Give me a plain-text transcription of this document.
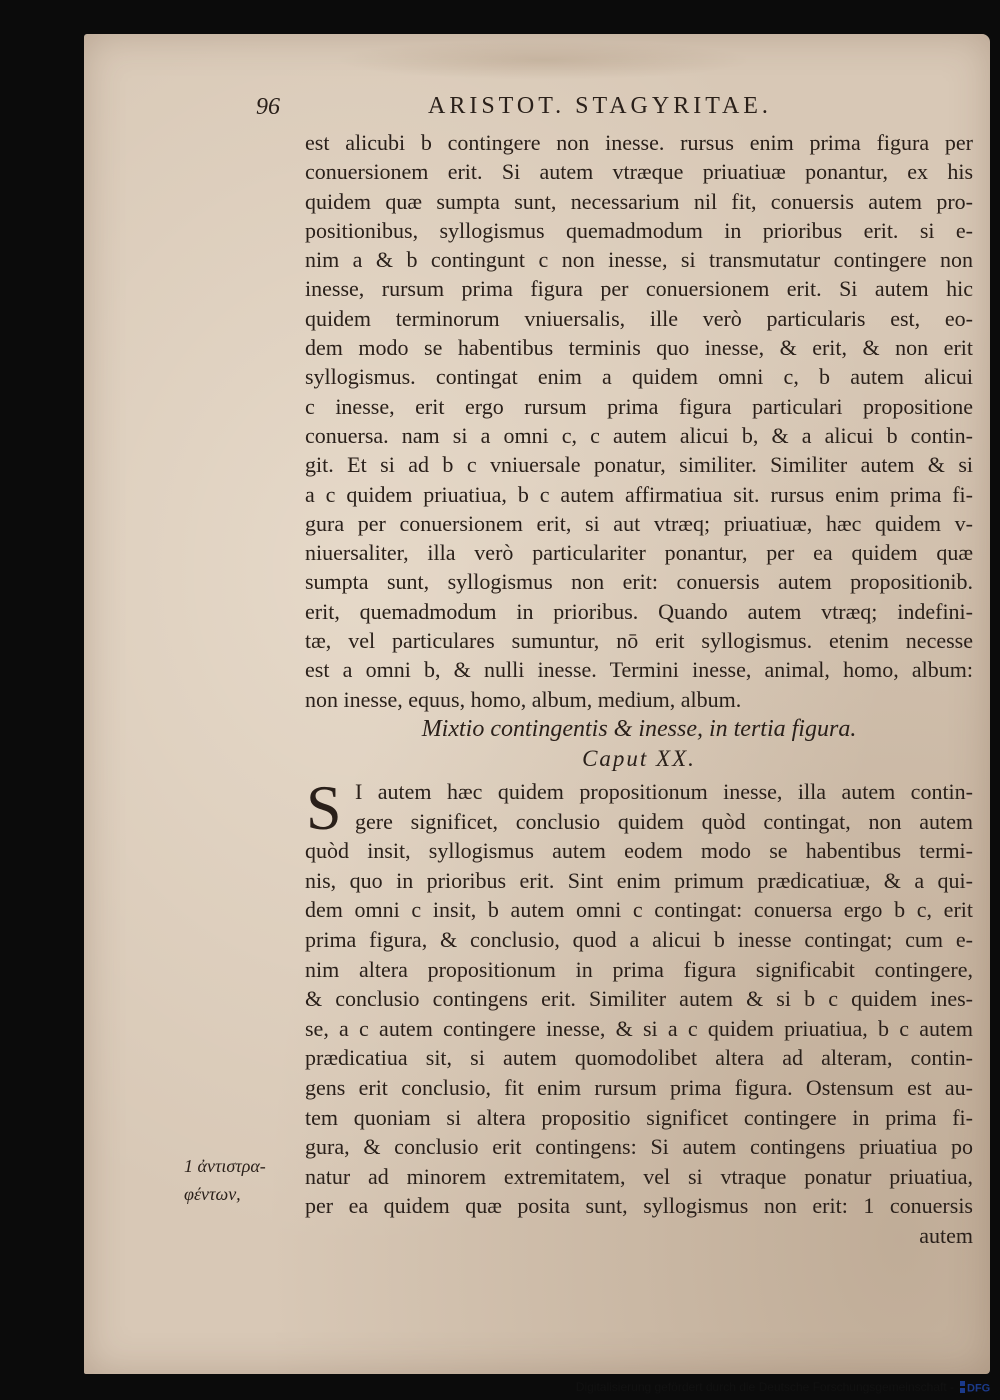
96	ARISTOT. STAGYRITAE.
est alicubi b contingere non inesse. rursus enim prima figura per
conuersionem erit. Si autem vtræque priuatiuæ ponantur, ex his
quidem quæ sumpta sunt, necessarium nil fit, conuersis autem pro-
positionibus, syllogismus quemadmodum in prioribus erit. si e-
nim a & b contingunt c non inesse, si transmutatur contingere non
inesse, rursum prima figura per conuersionem erit. Si autem hic
quidem terminorum vniuersalis, ille verò particularis est, eo-
dem modo se habentibus terminis quo inesse, & erit, & non erit
syllogismus. contingat enim a quidem omni c, b autem alicui
c inesse, erit ergo rursum prima figura particulari propositione
conuersa. nam si a omni c, c autem alicui b, & a alicui b contin-
git. Et si ad b c vniuersale ponatur, similiter. Similiter autem & si
a c quidem priuatiua, b c autem affirmatiua sit. rursus enim prima fi-
gura per conuersionem erit, si aut vtræq; priuatiuæ, hæc quidem v-
niuersaliter, illa verò particulariter ponantur, per ea quidem quæ
sumpta sunt, syllogismus non erit: conuersis autem propositionib.
erit, quemadmodum in prioribus. Quando autem vtræq; indefini-
tæ, vel particulares sumuntur, nō erit syllogismus. etenim necesse
est a omni b, & nulli inesse. Termini inesse, animal, homo, album:
non inesse, equus, homo, album, medium, album.
Mixtio contingentis & inesse, in tertia figura.
Caput XX.
S I autem hæc quidem propositionum inesse, illa autem contin-
gere significet, conclusio quidem quòd contingat, non autem
quòd insit, syllogismus autem eodem modo se habentibus termi-
nis, quo in prioribus erit. Sint enim primum prædicatiuæ, & a qui-
dem omni c insit, b autem omni c contingat: conuersa ergo b c, erit
prima figura, & conclusio, quod a alicui b inesse contingat; cum e-
nim altera propositionum in prima figura significabit contingere,
& conclusio contingens erit. Similiter autem & si b c quidem ines-
se, a c autem contingere inesse, & si a c quidem priuatiua, b c autem
prædicatiua sit, si autem quomodolibet altera ad alteram, contin-
gens erit conclusio, fit enim rursum prima figura. Ostensum est au-
tem quoniam si altera propositio significet contingere in prima fi-
gura, & conclusio erit contingens: Si autem contingens priuatiua po
natur ad minorem extremitatem, vel si vtraque ponatur priuatiua,
per ea quidem quæ posita sunt, syllogismus non erit: 1 conuersis
autem
1 ἀντιστρα-
φέντων,
Digitalisierung gefördert durch die Deutsche Forschungsgemeinschaft - DFG
